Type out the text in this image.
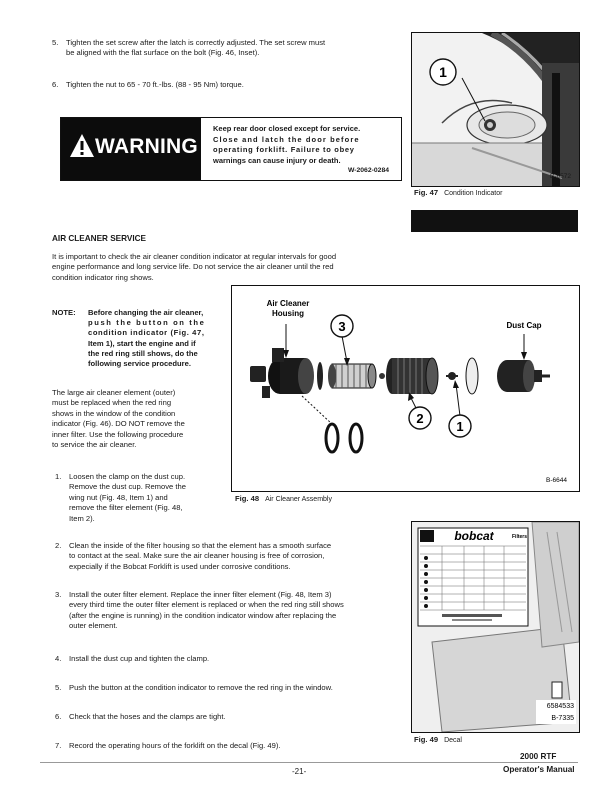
5. Tighten the set screw after the latch is correctly adjusted. The set screw must
be aligned with the flat surface on the bolt (Fig. 46, Inset).
6. Tighten the nut to 65 - 70 ft.-lbs. (88 - 95 Nm) torque.
WARNING
Keep rear door closed except for service.
Close and latch the door before
operating forklift. Failure to obey
warnings can cause injury or death.
W-2062-0284
1
B-6572
Fig. 47 Condition Indicator
AIR CLEANER SERVICE
It is important to check the air cleaner condition indicator at regular intervals for good
engine performance and long service life. Do not service the air cleaner until the red
condition indicator ring shows.
NOTE: Before changing the air cleaner,
push the button on the
condition indicator (Fig. 47,
Item 1), start the engine and if
the red ring still shows, do the
following service procedure.
The large air cleaner element (outer)
must be replaced when the red ring
shows in the window of the condition
indicator (Fig. 46). DO NOT remove the
inner filter. Use the following procedure
to service the air cleaner.
1. Loosen the clamp on the dust cup.
Remove the dust cup. Remove the
wing nut (Fig. 48, Item 1) and
remove the filter element (Fig. 48,
Item 2).
3
2
1
Air Cleaner
Housing
Dust Cap
B-6644
Fig. 48 Air Cleaner Assembly
2. Clean the inside of the filter housing so that the element has a smooth surface
to contact at the seal. Make sure the air cleaner housing is free of corrosion,
expecially if the Bobcat Forklift is used under corrosive conditions.
3. Install the outer filter element. Replace the inner filter element (Fig. 48, Item 3)
every third time the outer filter element is replaced or when the red ring still shows
(after the engine is running) in the condition indicator window after replacing the
outer element.
4. Install the dust cup and tighten the clamp.
5. Push the button at the condition indicator to remove the red ring in the window.
6. Check that the hoses and the clamps are tight.
7. Record the operating hours of the forklift on the decal (Fig. 49).
bobcat	Filters
6584533
B-7335
Fig. 49 Decal
2000 RTF
-21-	Operator's Manual
